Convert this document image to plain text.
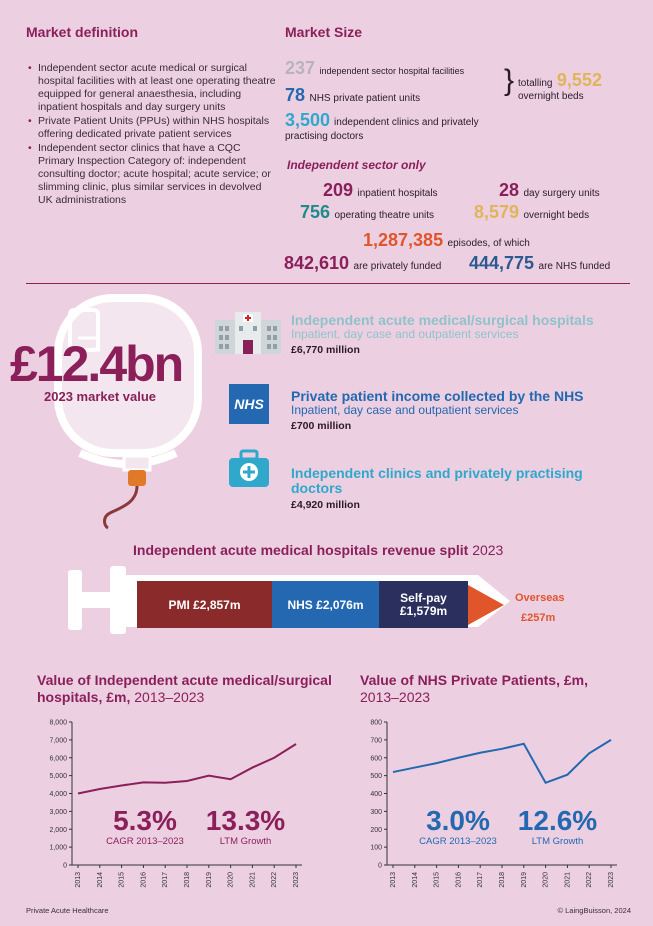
Market definition
• Independent sector acute medical or surgical hospital facilities with at least one operating theatre equipped for general anaesthesia, including inpatient hospitals and day surgery units
• Private Patient Units (PPUs) within NHS hospitals offering dedicated private patient services
• Independent sector clinics that have a CQC Primary Inspection Category of: independent consulting doctor; acute hospital; acute service; or slimming clinic, plus similar services in devolved UK administrations
Market Size
237 independent sector hospital facilities
78 NHS private patient units
3,500 independent clinics and privately practising doctors
} totalling 9,552
overnight beds
Independent sector only
209 inpatient hospitals	28 day surgery units
756 operating theatre units 8,579 overnight beds
1,287,385 episodes, of which
842,610 are privately funded 444,775 are NHS funded
£12.4bn
2023 market value
Independent acute medical/surgical hospitals
Inpatient, day case and outpatient services
£6,770 million
NHS Private patient income collected by the NHS
Inpatient, day case and outpatient services
£700 million
Independent clinics and privately practising doctors
£4,920 million
Independent acute medical hospitals revenue split 2023
PMI £2,857m	NHS £2,076m	Self-pay
£1,579m
Overseas
£257m
Value of Independent acute medical/surgical hospitals, £m, 2013–2023
0
1,000
2,000
3,000
4,000
5,000
6,000
7,000
8,000
2013 2014 2015 2016 2017 2018 2019 2020 2021 2022 2023
Value of NHS Private Patients, £m,
2013–2023
0
100
200
300
400
500
600
700
800
2013 2014 2015 2016 2017 2018 2019 2020 2021 2022 2023
5.3%
CAGR 2013–2023
13.3%
LTM Growth
3.0%
CAGR 2013–2023
12.6%
LTM Growth
Private Acute Healthcare	© LaingBuisson, 2024
